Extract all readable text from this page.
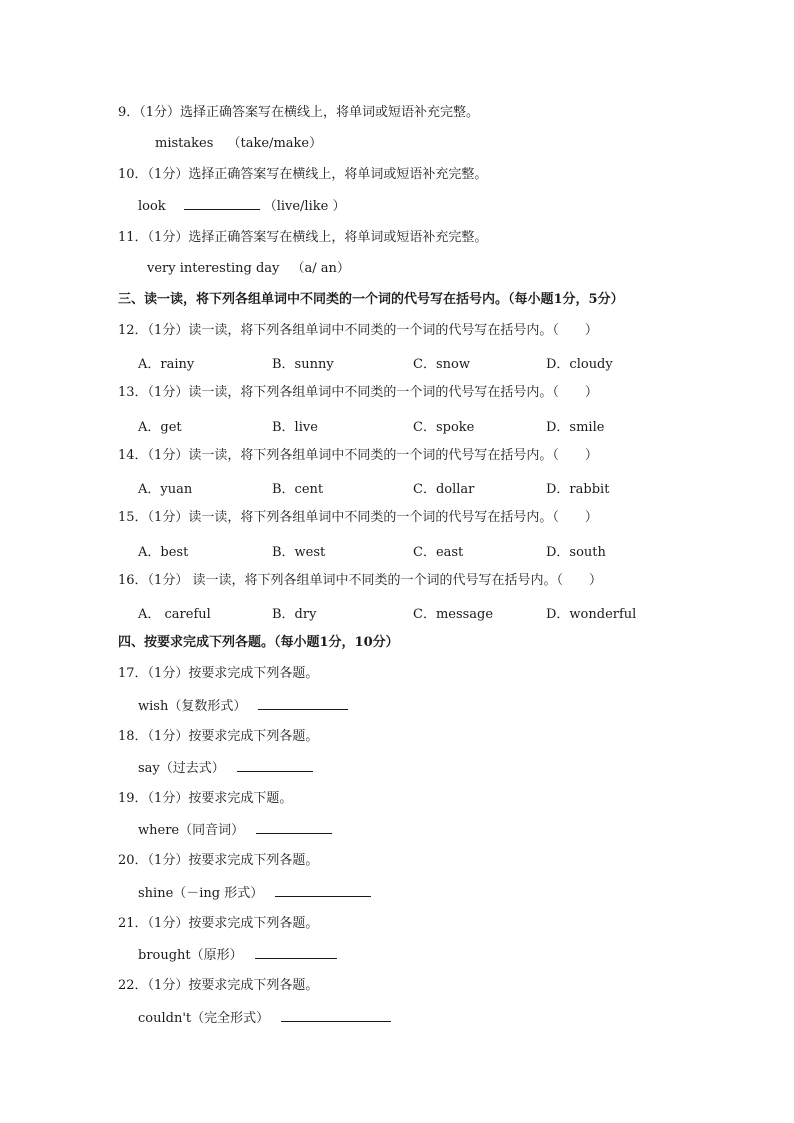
9．（1分）选择正确答案写在横线上，将单词或短语补充完整。
mistakes （take/make）
10．（1分）选择正确答案写在横线上，将单词或短语补充完整。
look	（live/like ）
11．（1分）选择正确答案写在横线上，将单词或短语补充完整。
very interesting day （a/ an）
三、读一读，将下列各组单词中不同类的一个词的代号写在括号内。（每小题1分，5分）
12．（1分）读一读，将下列各组单词中不同类的一个词的代号写在括号内。（　　）
A．rainy	B．sunny	C．snow	D．cloudy
13．（1分）读一读，将下列各组单词中不同类的一个词的代号写在括号内。（　　）
A．get	B．live	C．spoke	D．smile
14．（1分）读一读，将下列各组单词中不同类的一个词的代号写在括号内。（　　）
A．yuan	B．cent	C．dollar	D．rabbit
15．（1分）读一读，将下列各组单词中不同类的一个词的代号写在括号内。（　　）
A．best	B．west	C．east	D．south
16．（1分） 读一读，将下列各组单词中不同类的一个词的代号写在括号内。（　　）
A． careful	B．dry	C．message	D．wonderful
四、按要求完成下列各题。（每小题1分，10分）
17．（1分）按要求完成下列各题。
wish（复数形式）
18．（1分）按要求完成下列各题。
say（过去式）
19．（1分）按要求完成下题。
where（同音词）
20．（1分）按要求完成下列各题。
shine（－ing 形式）
21．（1分）按要求完成下列各题。
brought（原形）
22．（1分）按要求完成下列各题。
couldn't（完全形式）
